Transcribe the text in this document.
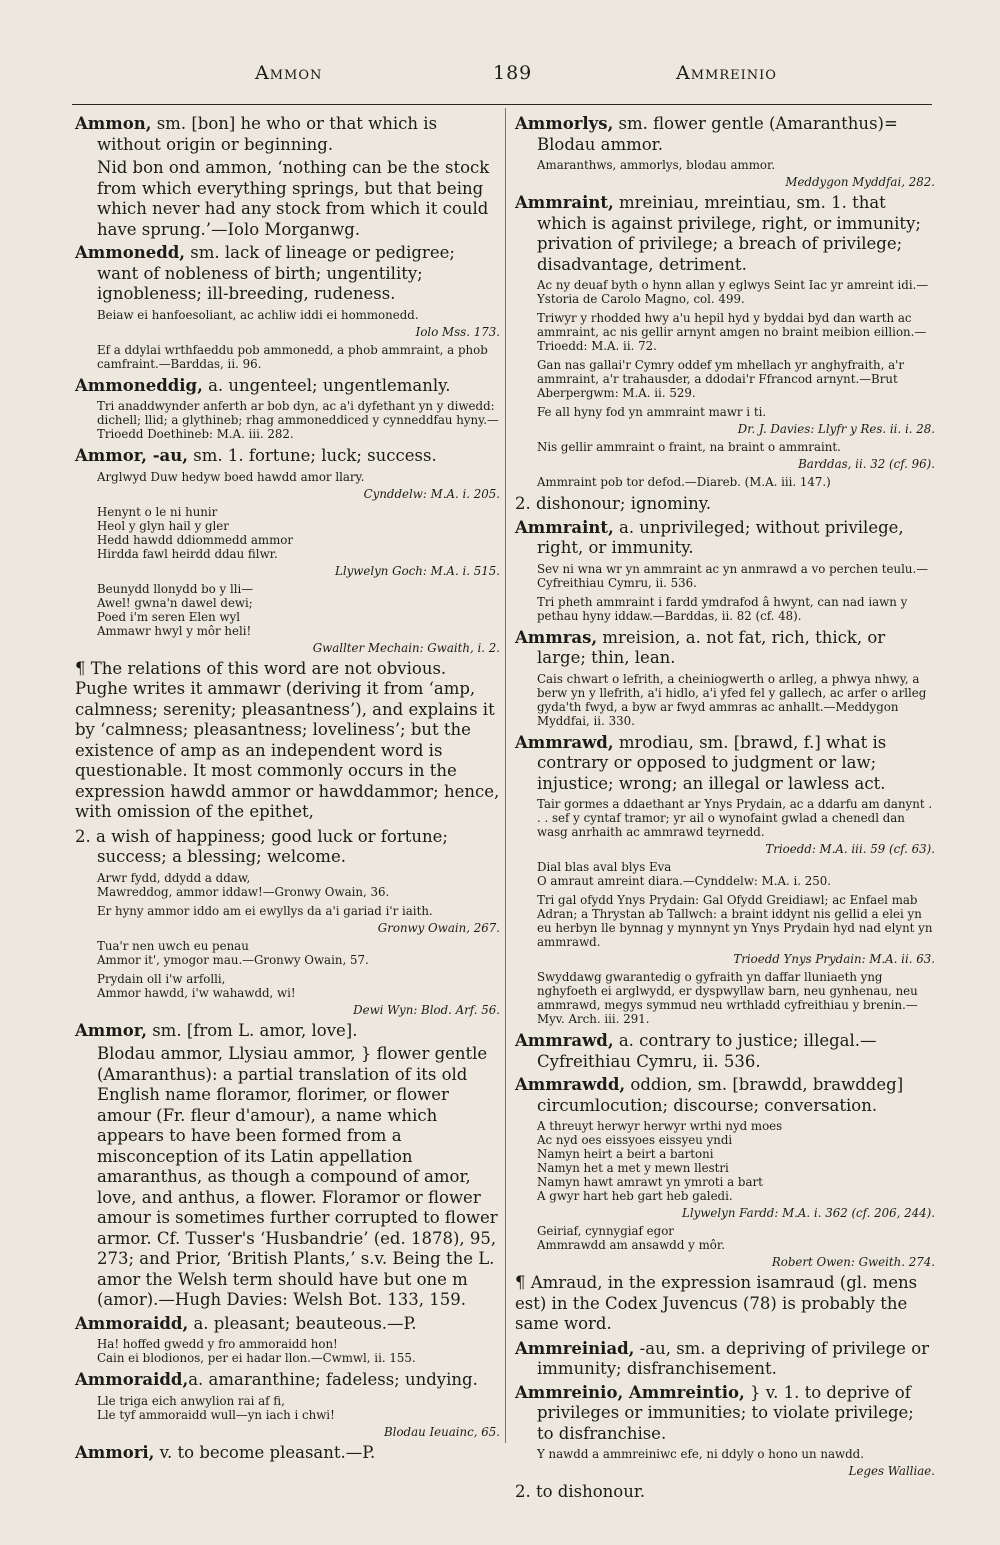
Ammon	189	Ammreinio
Ammon, sm. [bon] he who or that which is without origin or beginning.
Nid bon ond ammon, ‘nothing can be the stock from which everything springs, but that being which never had any stock from which it could have sprung.’—Iolo Morganwg.
Ammonedd, sm. lack of lineage or pedigree; want of nobleness of birth; ungentility; ignobleness; ill-breeding, rudeness.
Beiaw ei hanfoesoliant, ac achliw iddi ei hommonedd.
Iolo Mss. 173.
Ef a ddylai wrthfaeddu pob ammonedd, a phob ammraint, a phob camfraint.—Barddas, ii. 96.
Ammoneddig, a. ungenteel; ungentlemanly.
Tri anaddwynder anferth ar bob dyn, ac a'i dyfethant yn y diwedd: dichell; llid; a glythineb; rhag ammoneddiced y cynneddfau hyny.—Trioedd Doethineb: M.A. iii. 282.
Ammor, -au, sm. 1. fortune; luck; success.
Arglwyd Duw hedyw boed hawdd amor llary.
Cynddelw: M.A. i. 205.
Henynt o le ni hunir
Heol y glyn hail y gler
Hedd hawdd ddiommedd ammor
Hirdda fawl heirdd ddau filwr.
Llywelyn Goch: M.A. i. 515.
Beunydd llonydd bo y lli—
Awel! gwna'n dawel dewi;
Poed i'm seren Elen wyl
Ammawr hwyl y môr heli!
Gwallter Mechain: Gwaith, i. 2.
¶ The relations of this word are not obvious. Pughe writes it ammawr (deriving it from ‘amp, calmness; serenity; pleasantness’), and explains it by ‘calmness; pleasantness; loveliness’; but the existence of amp as an independent word is questionable. It most commonly occurs in the expression hawdd ammor or hawddammor; hence, with omission of the epithet,
2. a wish of happiness; good luck or fortune; success; a blessing; welcome.
Arwr fydd, ddydd a ddaw,
Mawreddog, ammor iddaw!—Gronwy Owain, 36.
Er hyny ammor iddo am ei ewyllys da a'i gariad i'r iaith.
Gronwy Owain, 267.
Tua'r nen uwch eu penau
Ammor it', ymogor mau.—Gronwy Owain, 57.
Prydain oll i'w arfolli,
Ammor hawdd, i'w wahawdd, wi!
Dewi Wyn: Blod. Arf. 56.
Ammor, sm. [from L. amor, love].
Blodau ammor, Llysiau ammor, } flower gentle (Amaranthus): a partial translation of its old English name floramor, florimer, or flower amour (Fr. fleur d'amour), a name which appears to have been formed from a misconception of its Latin appellation amaranthus, as though a compound of amor, love, and anthus, a flower. Floramor or flower amour is sometimes further corrupted to flower armor. Cf. Tusser's ‘Husbandrie’ (ed. 1878), 95, 273; and Prior, ‘British Plants,’ s.v. Being the L. amor the Welsh term should have but one m (amor).—Hugh Davies: Welsh Bot. 133, 159.
Ammoraidd, a. pleasant; beauteous.—P.
Ha! hoffed gwedd y fro ammoraidd hon!
Cain ei blodionos, per ei hadar llon.—Cwmwl, ii. 155.
Ammoraidd,a. amaranthine; fadeless; undying.
Lle triga eich anwylion rai af fi,
Lle tyf ammoraidd wull—yn iach i chwi!
Blodau Ieuainc, 65.
Ammori, v. to become pleasant.—P.
Ammorlys, sm. flower gentle (Amaranthus)= Blodau ammor.
Amaranthws, ammorlys, blodau ammor.
Meddygon Myddfai, 282.
Ammraint, mreiniau, mreintiau, sm. 1. that which is against privilege, right, or immunity; privation of privilege; a breach of privilege; disadvantage, detriment.
Ac ny deuaf byth o hynn allan y eglwys Seint Iac yr amreint idi.—Ystoria de Carolo Magno, col. 499.
Triwyr y rhodded hwy a'u hepil hyd y byddai byd dan warth ac ammraint, ac nis gellir arnynt amgen no braint meibion eillion.—Trioedd: M.A. ii. 72.
Gan nas gallai'r Cymry oddef ym mhellach yr anghyfraith, a'r ammraint, a'r trahausder, a ddodai'r Ffrancod arnynt.—Brut Aberpergwm: M.A. ii. 529.
Fe all hyny fod yn ammraint mawr i ti.
Dr. J. Davies: Llyfr y Res. ii. i. 28.
Nis gellir ammraint o fraint, na braint o ammraint.
Barddas, ii. 32 (cf. 96).
Ammraint pob tor defod.—Diareb. (M.A. iii. 147.)
2. dishonour; ignominy.
Ammraint, a. unprivileged; without privilege, right, or immunity.
Sev ni wna wr yn ammraint ac yn anmrawd a vo perchen teulu.—Cyfreithiau Cymru, ii. 536.
Tri pheth ammraint i fardd ymdrafod â hwynt, can nad iawn y pethau hyny iddaw.—Barddas, ii. 82 (cf. 48).
Ammras, mreision, a. not fat, rich, thick, or large; thin, lean.
Cais chwart o lefrith, a cheiniogwerth o arlleg, a phwya nhwy, a berw yn y llefrith, a'i hidlo, a'i yfed fel y gallech, ac arfer o arlleg gyda'th fwyd, a byw ar fwyd ammras ac anhallt.—Meddygon Myddfai, ii. 330.
Ammrawd, mrodiau, sm. [brawd, f.] what is contrary or opposed to judgment or law; injustice; wrong; an illegal or lawless act.
Tair gormes a ddaethant ar Ynys Prydain, ac a ddarfu am danynt . . . sef y cyntaf tramor; yr ail o wynofaint gwlad a chenedl dan wasg anrhaith ac ammrawd teyrnedd.
Trioedd: M.A. iii. 59 (cf. 63).
Dial blas aval blys Eva
O amraut amreint diara.—Cynddelw: M.A. i. 250.
Tri gal ofydd Ynys Prydain: Gal Ofydd Greidiawl; ac Enfael mab Adran; a Thrystan ab Tallwch: a braint iddynt nis gellid a elei yn eu herbyn lle bynnag y mynnynt yn Ynys Prydain hyd nad elynt yn ammrawd.
Trioedd Ynys Prydain: M.A. ii. 63.
Swyddawg gwarantedig o gyfraith yn daffar lluniaeth yng nghyfoeth ei arglwydd, er dyspwyllaw barn, neu gynhenau, neu ammrawd, megys symmud neu wrthladd cyfreithiau y brenin.—Myv. Arch. iii. 291.
Ammrawd, a. contrary to justice; illegal.—Cyfreithiau Cymru, ii. 536.
Ammrawdd, oddion, sm. [brawdd, brawddeg] circumlocution; discourse; conversation.
A threuyt herwyr herwyr wrthi nyd moes
Ac nyd oes eissyoes eissyeu yndi
Namyn heirt a beirt a bartoni
Namyn het a met y mewn llestri
Namyn hawt amrawt yn ymroti a bart
A gwyr hart heb gart heb galedi.
Llywelyn Fardd: M.A. i. 362 (cf. 206, 244).
Geiriaf, cynnygiaf egor
Ammrawdd am ansawdd y môr.
Robert Owen: Gweith. 274.
¶ Amraud, in the expression isamraud (gl. mens est) in the Codex Juvencus (78) is probably the same word.
Ammreiniad, -au, sm. a depriving of privilege or immunity; disfranchisement.
Ammreinio, Ammreintio, } v. 1. to deprive of privileges or immunities; to violate privilege; to disfranchise.
Y nawdd a ammreiniwc efe, ni ddyly o hono un nawdd.
Leges Walliae.
2. to dishonour.
